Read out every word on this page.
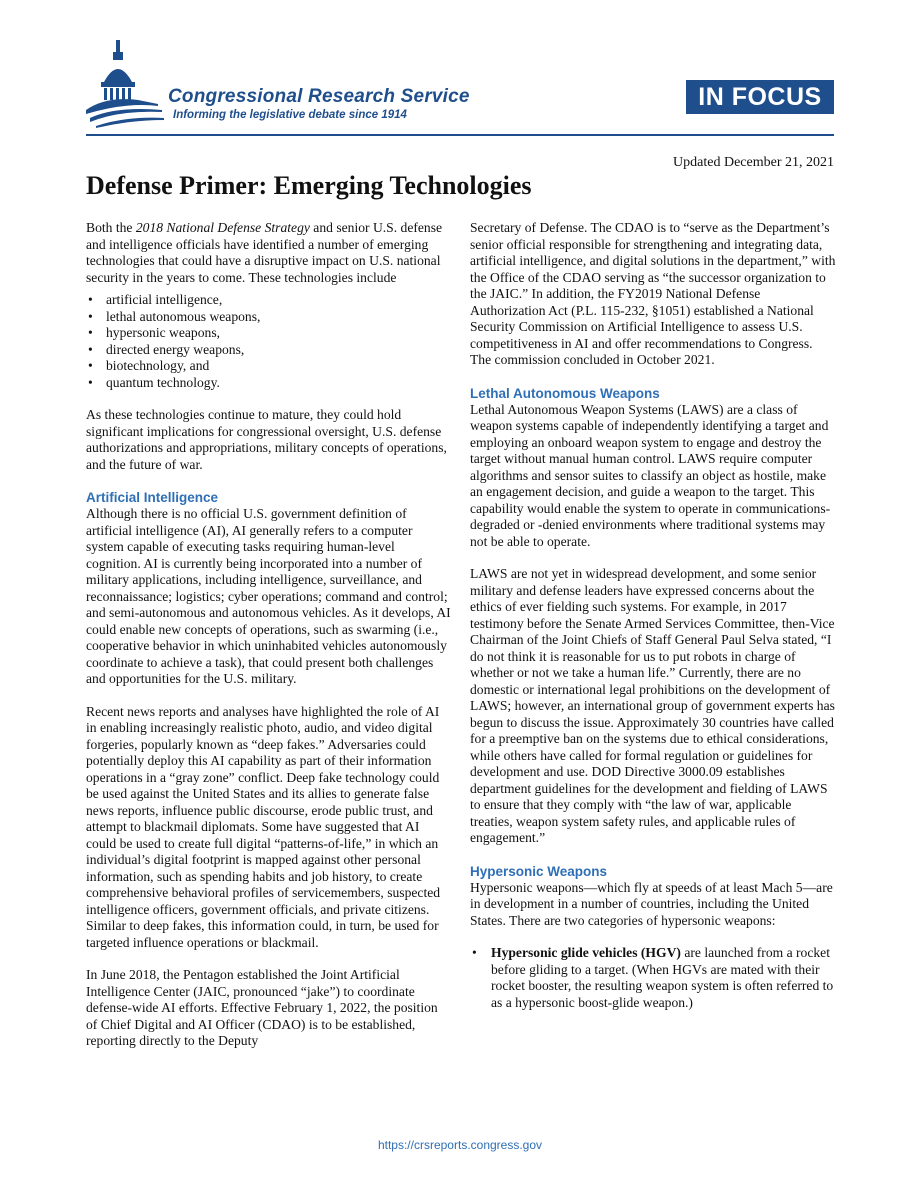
Congressional Research Service
Informing the legislative debate since 1914
IN FOCUS
Updated December 21, 2021
Defense Primer: Emerging Technologies

Both the 2018 National Defense Strategy and senior U.S. defense and intelligence officials have identified a number of emerging technologies that could have a disruptive impact on U.S. national security in the years to come. These technologies include

• artificial intelligence,
• lethal autonomous weapons,
• hypersonic weapons,
• directed energy weapons,
• biotechnology, and
• quantum technology.

As these technologies continue to mature, they could hold significant implications for congressional oversight, U.S. defense authorizations and appropriations, military concepts of operations, and the future of war.

Artificial Intelligence

Although there is no official U.S. government definition of artificial intelligence (AI), AI generally refers to a computer system capable of executing tasks requiring human-level cognition. AI is currently being incorporated into a number of military applications, including intelligence, surveillance, and reconnaissance; logistics; cyber operations; command and control; and semi-autonomous and autonomous vehicles. As it develops, AI could enable new concepts of operations, such as swarming (i.e., cooperative behavior in which uninhabited vehicles autonomously coordinate to achieve a task), that could present both challenges and opportunities for the U.S. military.

Recent news reports and analyses have highlighted the role of AI in enabling increasingly realistic photo, audio, and video digital forgeries, popularly known as “deep fakes.” Adversaries could potentially deploy this AI capability as part of their information operations in a “gray zone” conflict. Deep fake technology could be used against the United States and its allies to generate false news reports, influence public discourse, erode public trust, and attempt to blackmail diplomats. Some have suggested that AI could be used to create full digital “patterns-of-life,” in which an individual’s digital footprint is mapped against other personal information, such as spending habits and job history, to create comprehensive behavioral profiles of servicemembers, suspected intelligence officers, government officials, and private citizens. Similar to deep fakes, this information could, in turn, be used for targeted influence operations or blackmail.

In June 2018, the Pentagon established the Joint Artificial Intelligence Center (JAIC, pronounced “jake”) to coordinate defense-wide AI efforts. Effective February 1, 2022, the position of Chief Digital and AI Officer (CDAO) is to be established, reporting directly to the Deputy

Secretary of Defense. The CDAO is to “serve as the Department’s senior official responsible for strengthening and integrating data, artificial intelligence, and digital solutions in the department,” with the Office of the CDAO serving as “the successor organization to the JAIC.” In addition, the FY2019 National Defense Authorization Act (P.L. 115-232, §1051) established a National Security Commission on Artificial Intelligence to assess U.S. competitiveness in AI and offer recommendations to Congress. The commission concluded in October 2021.

Lethal Autonomous Weapons

Lethal Autonomous Weapon Systems (LAWS) are a class of weapon systems capable of independently identifying a target and employing an onboard weapon system to engage and destroy the target without manual human control. LAWS require computer algorithms and sensor suites to classify an object as hostile, make an engagement decision, and guide a weapon to the target. This capability would enable the system to operate in communications-degraded or -denied environments where traditional systems may not be able to operate.

LAWS are not yet in widespread development, and some senior military and defense leaders have expressed concerns about the ethics of ever fielding such systems. For example, in 2017 testimony before the Senate Armed Services Committee, then-Vice Chairman of the Joint Chiefs of Staff General Paul Selva stated, “I do not think it is reasonable for us to put robots in charge of whether or not we take a human life.” Currently, there are no domestic or international legal prohibitions on the development of LAWS; however, an international group of government experts has begun to discuss the issue. Approximately 30 countries have called for a preemptive ban on the systems due to ethical considerations, while others have called for formal regulation or guidelines for development and use. DOD Directive 3000.09 establishes department guidelines for the development and fielding of LAWS to ensure that they comply with “the law of war, applicable treaties, weapon system safety rules, and applicable rules of engagement.”

Hypersonic Weapons

Hypersonic weapons—which fly at speeds of at least Mach 5—are in development in a number of countries, including the United States. There are two categories of hypersonic weapons:

• Hypersonic glide vehicles (HGV) are launched from a rocket before gliding to a target. (When HGVs are mated with their rocket booster, the resulting weapon system is often referred to as a hypersonic boost-glide weapon.)
https://crsreports.congress.gov
